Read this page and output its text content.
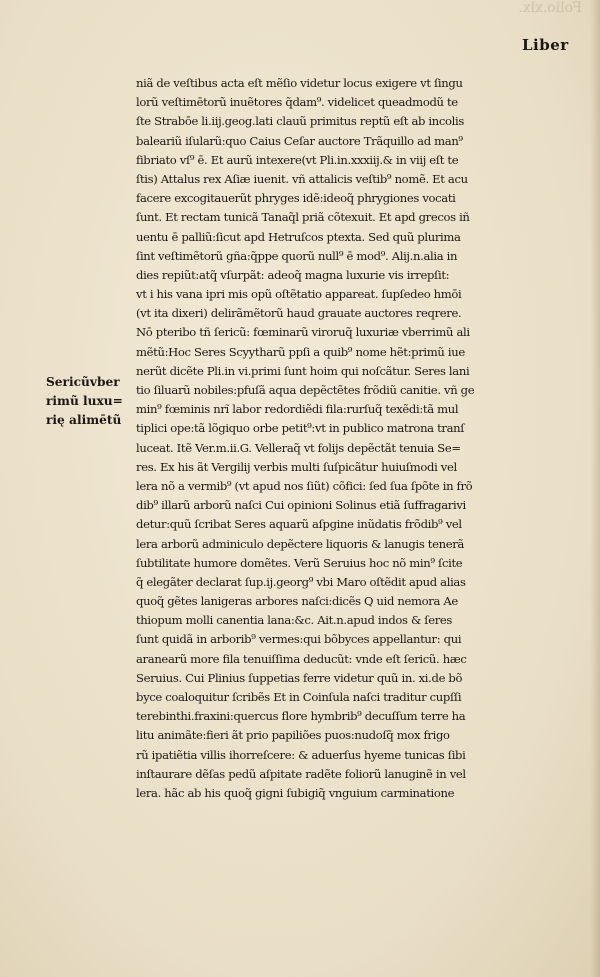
Folio.xlx.
Liber
Sericũvber
rimũ luxu=
rię alimētũ
niã de veſtibus acta eſt mẽſio videtur locus exigere vt ſingu
lorũ veſtimētorũ inuẽtores q̃dam⁹. videlicet queadmodũ te
ſte Strabōe li.iij.geog.lati clauũ primitus reptũ eſt ab incolis
baleariũ iſularũ:quo Caius Ceſar auctore Trãquillo ad man⁹
fibriato vſ⁹ ē. Et aurũ intexere(vt Pli.in.xxxiij.& in viij eſt te
ſtis) Attalus rex Aſiæ iuenit. vñ attalicis veſtib⁹ nomẽ. Et acu
facere excogitauerũt phryges idẽ:ideoq̃ phrygiones vocati
ſunt. Et rectam tunicã Tanaq̃l priã cõtexuit. Et apd grecos iñ
uentu ē palliũ:ſicut apd Hetruſcos ptexta. Sed quũ plurima
ſint veſtimẽtorũ gña:q̃ppe quorũ null⁹ ē mod⁹. Alij.n.alia in
dies repiũt:atq̃ vſurpãt: adeoq̃ magna luxurie vis irrepſit:
vt i his vana ipri mis opũ oſtẽtatio appareat. ſupſedeo hmōi
(vt ita dixeri) delirãmẽtorũ haud grauate auctores reqrere.
Nō pteribo tñ ſericũ: fœminarũ viroruq̃ luxuriæ vberrimũ ali
mẽtũ:Hoc Seres Scyytharũ ppſi a quib⁹ nome hẽt:primũ iue
nerũt dicẽte Pli.in vi.primi ſunt hoim qui noſcãtur. Seres lani
tio ſiluarũ nobiles:pfuſã aqua depẽctẽtes frõdiũ canitie. vñ ge
min⁹ fœminis nrĩ labor redordiẽdi fila:rurſuq̃ texẽdi:tã mul
tiplici ope:tã lõgiquo orbe petit⁹:vt in publico matrona tranſ
luceat. Itẽ Ver.m.ii.G. Velleraq̃ vt folijs depẽctãt tenuia Se=
res. Ex his ãt Vergilij verbis multi ſuſpicãtur huiuſmodi vel
lera nõ a vermib⁹ (vt apud nos ſiũt) cõfici: ſed ſua ſpõte in frõ
dib⁹ illarũ arborũ naſci Cui opinioni Solinus etiã ſuffragarivi
detur:quũ ſcribat Seres aquarũ aſpgine inũdatis frõdib⁹ vel
lera arborũ adminiculo depẽctere liquoris & lanugis tenerã
ſubtilitate humore domẽtes. Verũ Seruius hoc nõ min⁹ ſcite
q̃ elegãter declarat ſup.ij.georg⁹ vbi Maro oſtẽdit apud alias
quoq̃ gẽtes lanigeras arbores naſci:dicẽs Q uid nemora Ae
thiopum molli canentia lana:&c. Ait.n.apud indos & ſeres
ſunt quidã in arborib⁹ vermes:qui bõbyces appellantur: qui
aranearũ more fila tenuiſſima deducũt: vnde eſt ſericũ. hæc
Seruius. Cui Plinius ſuppetias ferre videtur quũ in. xi.de bõ
byce coaloquitur ſcribẽs Et in Coinſula naſci traditur cupſſi
terebinthi.fraxini:quercus flore hymbrib⁹ decuſſum terre ha
litu animãte:fieri ãt prio papiliões puos:nudoſq̃ mox frigo
rũ ipatiẽtia villis ihorreſcere: & aduerſus hyeme tunicas ſibi
inſtaurare dẽſas pedũ aſpitate radẽte foliorũ lanuginẽ in vel
lera. hãc ab his quoq̃ gigni ſubigiq̃ vnguium carminatione
